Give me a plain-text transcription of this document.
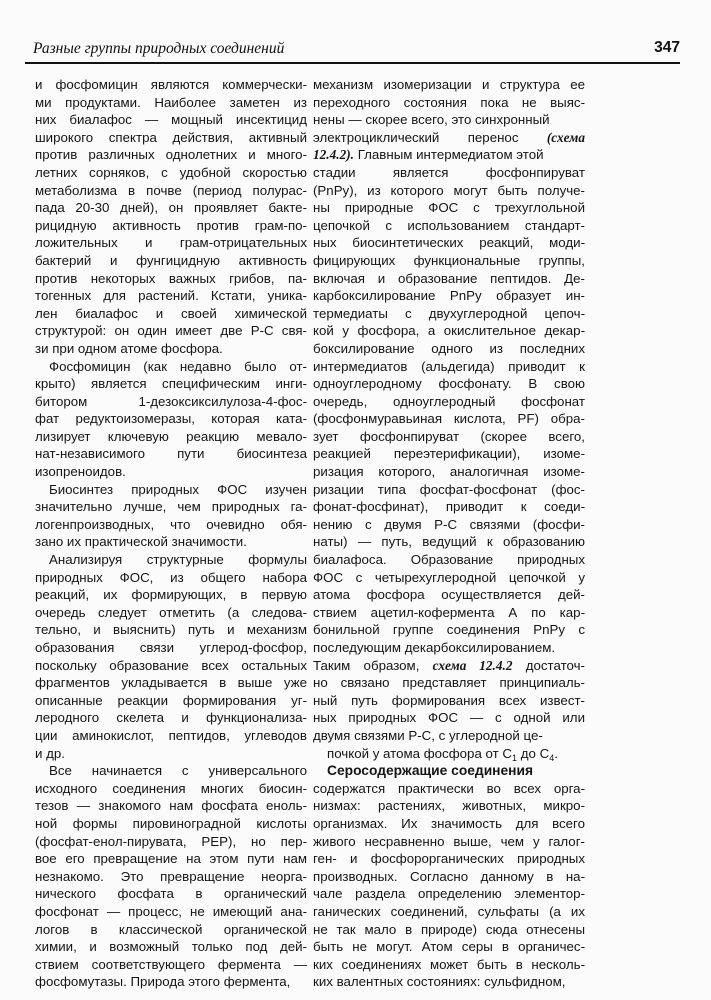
Разные группы природных соединений	347
и фосфомицин являются коммерчески-
ми продуктами. Наиболее заметен из
них биалафос — мощный инсектицид
широкого спектра действия, активный
против различных однолетних и много-
летних сорняков, с удобной скоростью
метаболизма в почве (период полурас-
пада 20-30 дней), он проявляет бакте-
рицидную активность против грам-по-
ложительных и грам-отрицательных
бактерий и фунгицидную активность
против некоторых важных грибов, па-
тогенных для растений. Кстати, уника-
лен биалафос и своей химической
структурой: он один имеет две Р-С свя-
зи при одном атоме фосфора.
Фосфомицин (как недавно было от-
крыто) является специфическим инги-
битором 1-дезоксиксилулоза-4-фос-
фат редуктоизомеразы, которая ката-
лизирует ключевую реакцию мевало-
нат-независимого пути биосинтеза
изопреноидов.
Биосинтез природных ФОС изучен
значительно лучше, чем природных га-
логенпроизводных, что очевидно обя-
зано их практической значимости.
Анализируя структурные формулы
природных ФОС, из общего набора
реакций, их формирующих, в первую
очередь следует отметить (а следова-
тельно, и выяснить) путь и механизм
образования связи углерод-фосфор,
поскольку образование всех остальных
фрагментов укладывается в выше уже
описанные реакции формирования уг-
леродного скелета и функционализа-
ции аминокислот, пептидов, углеводов
и др.
Все начинается с универсального
исходного соединения многих биосин-
тезов — знакомого нам фосфата еноль-
ной формы пировиноградной кислоты
(фосфат-енол-пирувата, PEP), но пер-
вое его превращение на этом пути нам
незнакомо. Это превращение неорга-
нического фосфата в органический
фосфонат — процесс, не имеющий ана-
логов в классической органической
химии, и возможный только под дей-
ствием соответствующего фермента —
фосфомутазы. Природа этого фермента,
механизм изомеризации и структура ее
переходного состояния пока не выяс-
нены — скорее всего, это синхронный
электроциклический перенос (схема
12.4.2). Главным интермедиатом этой
стадии является фосфонпируват
(PnPy), из которого могут быть получе-
ны природные ФОС с трехуглольной
цепочкой с использованием стандарт-
ных биосинтетических реакций, моди-
фицирующих функциональные группы,
включая и образование пептидов. Де-
карбоксилирование PnPy образует ин-
термедиаты с двухуглеродной цепоч-
кой у фосфора, а окислительное декар-
боксилирование одного из последних
интермедиатов (альдегида) приводит к
одноуглеродному фосфонату. В свою
очередь, одноуглеродный фосфонат
(фосфонмуравьиная кислота, PF) обра-
зует фосфонпируват (скорее всего,
реакцией переэтерификации), изоме-
ризация которого, аналогичная изоме-
ризации типа фосфат-фосфонат (фос-
фонат-фосфинат), приводит к соеди-
нению с двумя Р-С связями (фосфи-
наты) — путь, ведущий к образованию
биалафоса. Образование природных
ФОС с четырехуглеродной цепочкой у
атома фосфора осуществляется дей-
ствием ацетил-кофермента А по кар-
бонильной группе соединения PnPy с
последующим декарбоксилированием.
Таким образом, схема 12.4.2 достаточ-
но связано представляет принципиаль-
ный путь формирования всех извест-
ных природных ФОС — с одной или
двумя связями Р-С, с углеродной це-
почкой у атома фосфора от $С_1$ до $С_4$.
Серосодержащие соединения
содержатся практически во всех орга-
низмах: растениях, животных, микро-
организмах. Их значимость для всего
живого несравненно выше, чем у галог-
ген- и фосфорорганических природных
производных. Согласно данному в на-
чале раздела определению элементор-
ганических соединений, сульфаты (а их
не так мало в природе) сюда отнесены
быть не могут. Атом серы в органичес-
ких соединениях может быть в несколь-
ких валентных состояниях: сульфидном,
